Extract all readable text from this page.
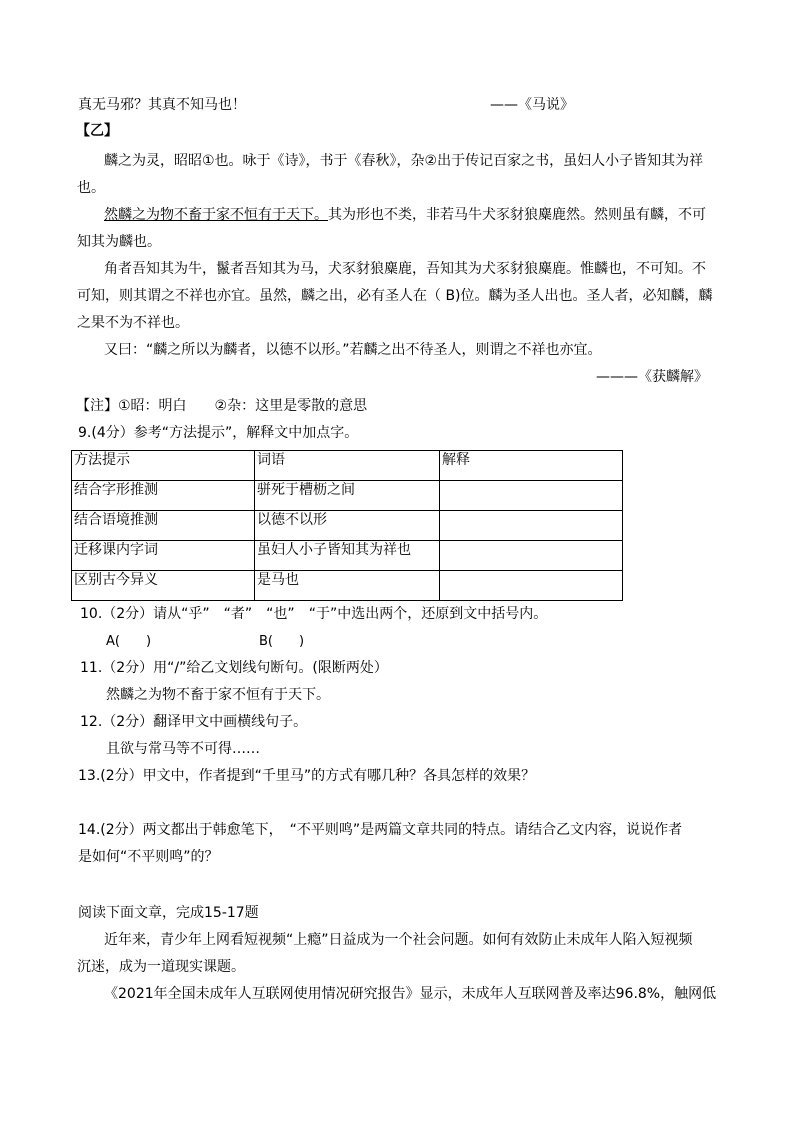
真无马邪？其真不知马也！	——《马说》
【乙】
麟之为灵，昭昭①也。咏于《诗》，书于《春秋》，杂②出于传记百家之书，虽妇人小子皆知其为祥
也。
然麟之为物不畜于家不恒有于天下。其为形也不类，非若马牛犬豕豺狼麋鹿然。然则虽有麟，不可
知其为麟也。
角者吾知其为牛，鬣者吾知其为马，犬豕豺狼麋鹿，吾知其为犬豕豺狼麋鹿。惟麟也，不可知。不
可知，则其谓之不祥也亦宜。虽然，麟之出，必有圣人在（ B)位。麟为圣人出也。圣人者，必知麟，麟
之果不为不祥也。
又曰：“麟之所以为麟者，以德不以形。”若麟之出不待圣人，则谓之不祥也亦宜。
———《获麟解》
【注】①昭：明白　　②杂：这里是零散的意思
9.(4分）参考“方法提示”，解释文中加点字。
方法提示	词语	解释
结合字形推测	骈死于槽枥之间	
结合语境推测	以德不以形	
迁移课内字词	虽妇人小子皆知其为祥也	
区别古今异义	是马也	
10.（2分）请从“乎”　“者”　“也”　“于”中选出两个，还原到文中括号内。
A(　　)	B(　　)
11.（2分）用“/”给乙文划线句断句。(限断两处）
然麟之为物不畜于家不恒有于天下。
12.（2分）翻译甲文中画横线句子。
且欲与常马等不可得……
13.(2分）甲文中，作者提到“千里马”的方式有哪几种？各具怎样的效果？
14.(2分）两文都出于韩愈笔下，　“不平则鸣”是两篇文章共同的特点。请结合乙文内容，说说作者
是如何“不平则鸣”的？
阅读下面文章，完成15-17题
近年来，青少年上网看短视频“上瘾”日益成为一个社会问题。如何有效防止未成年人陷入短视频
沉迷，成为一道现实课题。
《2021年全国未成年人互联网使用情况研究报告》显示，未成年人互联网普及率达96.8%，触网低
